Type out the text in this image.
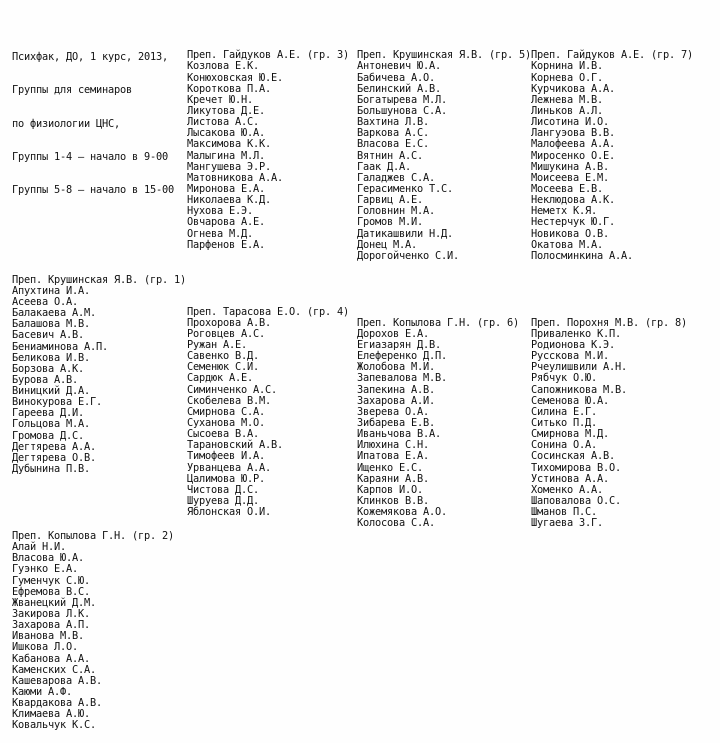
Психфак, ДО, 1 курс, 2013,

Группы для семинаров

по физиологии ЦНС,

Группы 1-4 – начало в 9-00

Группы 5-8 – начало в 15-00

Преп. Крушинская Я.В. (гр. 1)
Апухтина И.А.
Асеева О.А.
Балакаева А.М.
Балашова М.В.
Басевич А.В.
Бениаминова А.П.
Беликова И.В.
Борзова А.К.
Бурова А.В.
Виницкий Д.А.
Винокурова Е.Г.
Гареева Д.И.
Гольцова М.А.
Громова Д.С.
Дегтярева А.А.
Дегтярева О.В.
Дубынина П.В.

Преп. Копылова Г.Н. (гр. 2)
Алай Н.И.
Власова Ю.А.
Гуэнко Е.А.
Гуменчук С.Ю.
Ефремова В.С.
Жванецкий Д.М.
Закирова Л.К.
Захарова А.П.
Иванова М.В.
Ишкова Л.О.
Кабанова А.А.
Каменских С.А.
Кашеварова А.В.
Каюми А.Ф.
Квардакова А.В.
Климаева А.Ю.
Ковальчук К.С.

Преп. Гайдуков А.Е. (гр. 3)
Козлова Е.К.
Конюховская Ю.Е.
Короткова П.А.
Кречет Ю.Н.
Ликутова Д.Е.
Листова А.С.
Лысакова Ю.А.
Максимова К.К.
Малыгина М.Л.
Мангушева Э.Р.
Матовникова А.А.
Миронова Е.А.
Николаева К.Д.
Нухова Е.Э.
Овчарова А.Е.
Огнева М.Д.
Парфенов Е.А.

Преп. Тарасова Е.О. (гр. 4)
Прохорова А.В.
Роговцев А.С.
Ружан А.Е.
Савенко В.Д.
Семенюк С.И.
Сардюк А.Е.
Симинченко А.С.
Скобелева В.М.
Смирнова С.А.
Суханова М.О.
Сысоева В.А.
Тарановский А.В.
Тимофеев И.А.
Урванцева А.А.
Цалимова Ю.Р.
Чистова Д.С.
Шуруева Д.Д.
Яблонская О.И.

Преп. Крушинская Я.В. (гр. 5)
Антоневич Ю.А.
Бабичева А.О.
Белинский А.В.
Богатырева М.Л.
Большунова С.А.
Вахтина Л.В.
Варкова А.С.
Власова Е.С.
Вятнин А.С.
Гаак Д.А.
Галаджев С.А.
Герасименко Т.С.
Гарвиц А.Е.
Головнин М.А.
Громов М.И.
Датикашвили Н.Д.
Донец М.А.
Дорогойченко С.И.

Преп. Копылова Г.Н. (гр. 6)
Дорохов Е.А.
Егиазарян Д.В.
Елеференко Д.П.
Жолобова М.И.
Запевалова М.В.
Запекина А.В.
Захарова А.И.
Зверева О.А.
Зибарева Е.В.
Иваньчова В.А.
Илюхина С.Н.
Ипатова Е.А.
Ищенко Е.С.
Караяни А.В.
Карпов И.О.
Клинков В.В.
Кожемякова А.О.
Колосова С.А.

Преп. Гайдуков А.Е. (гр. 7)
Корнина И.В.
Корнева О.Г.
Курчикова А.А.
Лежнева М.В.
Линьков А.Л.
Лисотина И.О.
Лангуэова В.В.
Малофеева А.А.
Миросенко О.Е.
Мишукина А.В.
Моисеева Е.М.
Мосеева Е.В.
Неклюдова А.К.
Неметх К.Я.
Нестерчук Ю.Г.
Новикова О.В.
Окатова М.А.
Полосминкина А.А.

Преп. Порохня М.В. (гр. 8)
Приваленко К.П.
Родионова К.Э.
Русскова М.И.
Рчеулишвили А.Н.
Рябчук О.Ю.
Сапожникова М.В.
Семенова Ю.А.
Силина Е.Г.
Ситько П.Д.
Смирнова М.Д.
Сонина О.А.
Сосинская А.В.
Тихомирова В.О.
Устинова А.А.
Хоменко А.А.
Шаповалова О.С.
Шманов П.С.
Шугаева З.Г.
